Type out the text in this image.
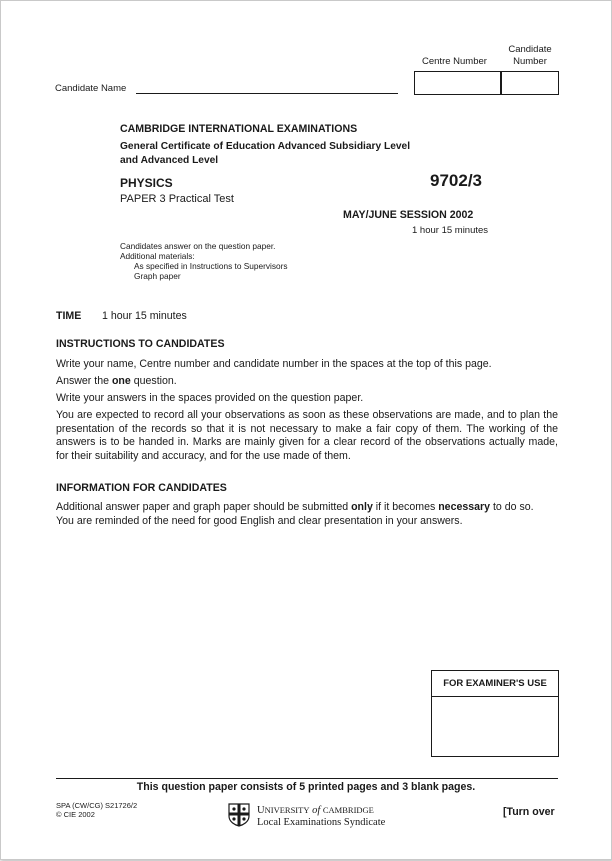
Centre Number
Candidate
Number
Candidate Name
CAMBRIDGE INTERNATIONAL EXAMINATIONS
General Certificate of Education Advanced Subsidiary Level
and Advanced Level
PHYSICS	9702/3
PAPER 3 Practical Test
MAY/JUNE SESSION 2002
1 hour 15 minutes
Candidates answer on the question paper.
Additional materials:
As specified in Instructions to Supervisors
Graph paper
TIME 1 hour 15 minutes
INSTRUCTIONS TO CANDIDATES
Write your name, Centre number and candidate number in the spaces at the top of this page.
Answer the one question.
Write your answers in the spaces provided on the question paper.
You are expected to record all your observations as soon as these observations are made, and to plan the presentation of the records so that it is not necessary to make a fair copy of them. The working of the answers is to be handed in. Marks are mainly given for a clear record of the observations actually made, for their suitability and accuracy, and for the use made of them.
INFORMATION FOR CANDIDATES
Additional answer paper and graph paper should be submitted only if it becomes necessary to do so.
You are reminded of the need for good English and clear presentation in your answers.
FOR EXAMINER'S USE
This question paper consists of 5 printed pages and 3 blank pages.
SPA (CW/CG) S21726/2
© CIE 2002	UNIVERSITY of CAMBRIDGE
Local Examinations Syndicate
[Turn over
